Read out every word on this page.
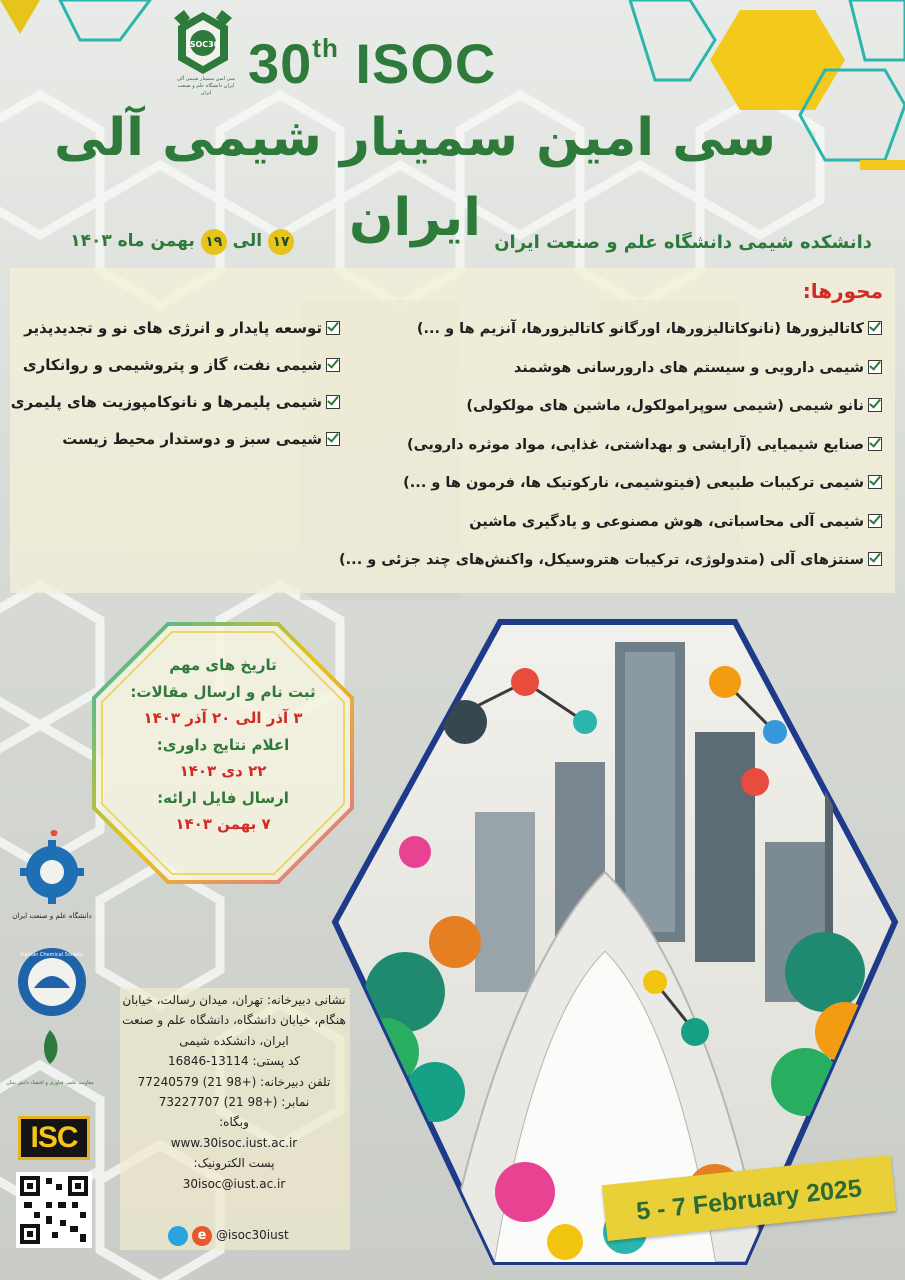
ISOC30
سی امین سمینار شیمی آلی ایران دانشگاه علم و صنعت ایران 30th ISOC
سی امین سمینار شیمی آلی ایران
۱۷ الی ۱۹ بهمن ماه ۱۴۰۳	دانشکده شیمی دانشگاه علم و صنعت ایران
محورها:
کاتالیزورها (نانوکاتالیزورها، اورگانو کاتالیزورها، آنزیم ها و ...)
شیمی دارویی و سیستم های دارورسانی هوشمند
نانو شیمی (شیمی سوپرامولکول، ماشین های مولکولی)
صنایع شیمیایی (آرایشی و بهداشتی، غذایی، مواد موثره دارویی)
شیمی ترکیبات طبیعی (فیتوشیمی، نارکوتیک ها، فرمون ها و ...)
شیمی آلی محاسباتی، هوش مصنوعی و یادگیری ماشین
سنتزهای آلی (متدولوژی، ترکیبات هتروسیکل، واکنش‌های چند جزئی و ...)
توسعه پایدار و انرژی های نو و تجدیدپذیر
شیمی نفت، گاز و پتروشیمی و روانکاری
شیمی پلیمرها و نانوکامپوزیت های پلیمری
شیمی سبز و دوستدار محیط زیست
تاریخ های مهم
ثبت نام و ارسال مقالات:
۳ آذر الی ۲۰ آذر ۱۴۰۳
اعلام نتایج داوری:
۲۲ دی ۱۴۰۳
ارسال فایل ارائه:
۷ بهمن ۱۴۰۳
دانشگاه علم و صنعت ایران
Iranian Chemical Society
معاونت علمی فناوری و اقتصاد دانش بنیان
ISC
نشانی دبیرخانه: تهران، میدان رسالت، خیابان هنگام، خیابان دانشگاه، دانشگاه علم و صنعت ایران، دانشکده شیمی
کد پستی: 16846-13114
تلفن دبیرخانه: 77240579 (21 98+)
نمابر: 73227707 (21 98+)
وبگاه:
www.30isoc.iust.ac.ir
پست الکترونیک:
30isoc@iust.ac.ir
e @isoc30iust
5 - 7 February 2025
